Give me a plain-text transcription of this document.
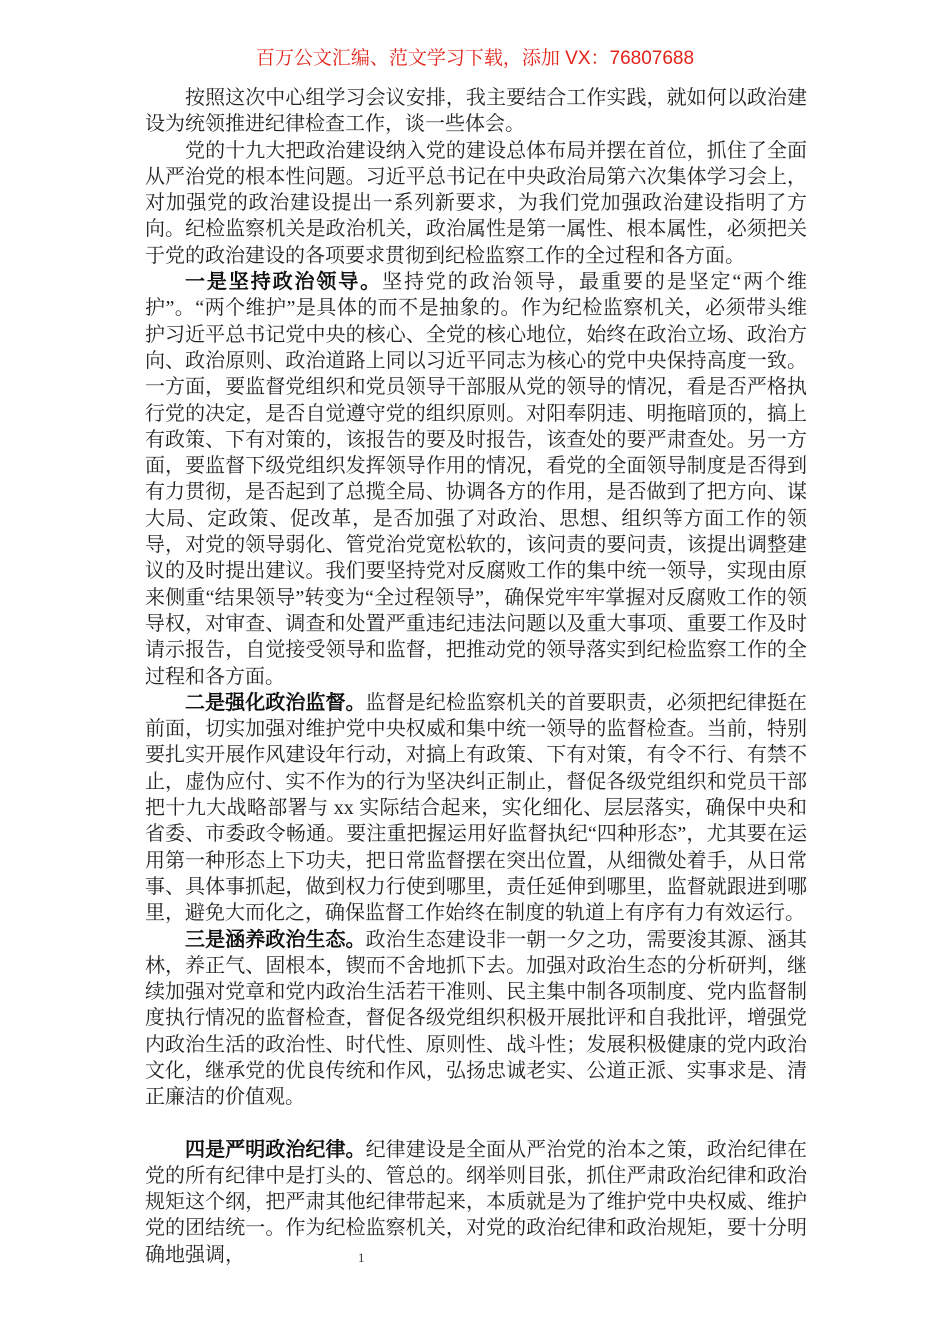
百万公文汇编、范文学习下载，添加 VX：76807688

按照这次中心组学习会议安排，我主要结合工作实践，就如何以政治建设为统领推进纪律检查工作，谈一些体会。

党的十九大把政治建设纳入党的建设总体布局并摆在首位，抓住了全面从严治党的根本性问题。习近平总书记在中央政治局第六次集体学习会上，对加强党的政治建设提出一系列新要求，为我们党加强政治建设指明了方向。纪检监察机关是政治机关，政治属性是第一属性、根本属性，必须把关于党的政治建设的各项要求贯彻到纪检监察工作的全过程和各方面。

一是坚持政治领导。坚持党的政治领导，最重要的是坚定“两个维护”。“两个维护”是具体的而不是抽象的。作为纪检监察机关，必须带头维护习近平总书记党中央的核心、全党的核心地位，始终在政治立场、政治方向、政治原则、政治道路上同以习近平同志为核心的党中央保持高度一致。一方面，要监督党组织和党员领导干部服从党的领导的情况，看是否严格执行党的决定，是否自觉遵守党的组织原则。对阳奉阴违、明拖暗顶的，搞上有政策、下有对策的，该报告的要及时报告，该查处的要严肃查处。另一方面，要监督下级党组织发挥领导作用的情况，看党的全面领导制度是否得到有力贯彻，是否起到了总揽全局、协调各方的作用，是否做到了把方向、谋大局、定政策、促改革，是否加强了对政治、思想、组织等方面工作的领导，对党的领导弱化、管党治党宽松软的，该问责的要问责，该提出调整建议的及时提出建议。我们要坚持党对反腐败工作的集中统一领导，实现由原来侧重“结果领导”转变为“全过程领导”，确保党牢牢掌握对反腐败工作的领导权，对审查、调查和处置严重违纪违法问题以及重大事项、重要工作及时请示报告，自觉接受领导和监督，把推动党的领导落实到纪检监察工作的全过程和各方面。

二是强化政治监督。监督是纪检监察机关的首要职责，必须把纪律挺在前面，切实加强对维护党中央权威和集中统一领导的监督检查。当前，特别要扎实开展作风建设年行动，对搞上有政策、下有对策，有令不行、有禁不止，虚伪应付、实不作为的行为坚决纠正制止，督促各级党组织和党员干部把十九大战略部署与 xx 实际结合起来，实化细化、层层落实，确保中央和省委、市委政令畅通。要注重把握运用好监督执纪“四种形态”，尤其要在运用第一种形态上下功夫，把日常监督摆在突出位置，从细微处着手，从日常事、具体事抓起，做到权力行使到哪里，责任延伸到哪里，监督就跟进到哪里，避免大而化之，确保监督工作始终在制度的轨道上有序有力有效运行。

三是涵养政治生态。政治生态建设非一朝一夕之功，需要浚其源、涵其林，养正气、固根本，锲而不舍地抓下去。加强对政治生态的分析研判，继续加强对党章和党内政治生活若干准则、民主集中制各项制度、党内监督制度执行情况的监督检查，督促各级党组织积极开展批评和自我批评，增强党内政治生活的政治性、时代性、原则性、战斗性；发展积极健康的党内政治文化，继承党的优良传统和作风，弘扬忠诚老实、公道正派、实事求是、清正廉洁的价值观。

四是严明政治纪律。纪律建设是全面从严治党的治本之策，政治纪律在党的所有纪律中是打头的、管总的。纲举则目张，抓住严肃政治纪律和政治规矩这个纲，把严肃其他纪律带起来，本质就是为了维护党中央权威、维护党的团结统一。作为纪检监察机关，对党的政治纪律和政治规矩，要十分明确地强调，	1
